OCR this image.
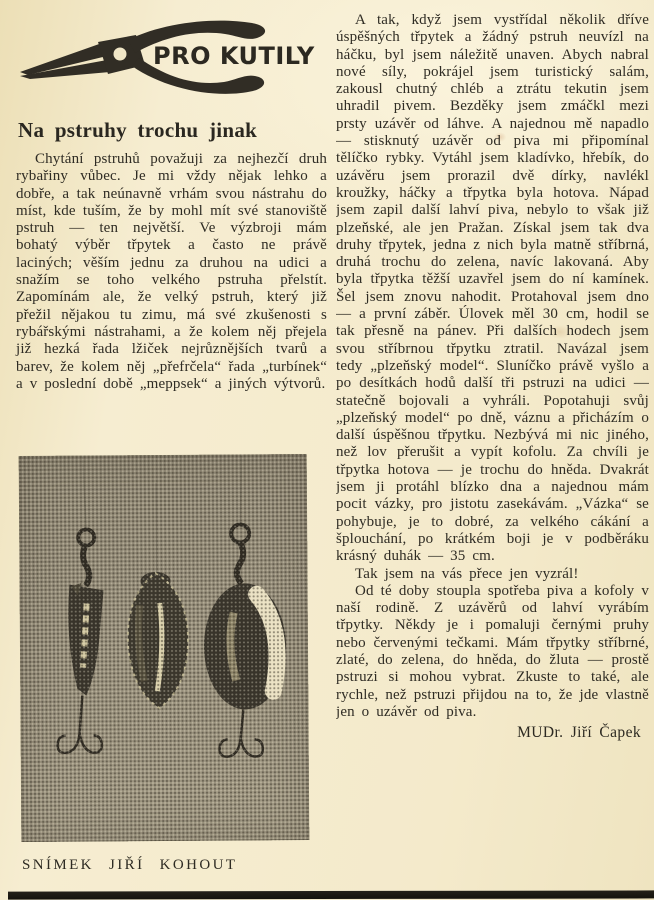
PRO KUTILY
Na pstruhy trochu jinak

Chytání pstruhů považuji za nejhezčí druh rybařiny vůbec. Je mi vždy nějak lehko a dobře, a tak neúnavně vrhám svou nástrahu do míst, kde tuším, že by mohl mít své stanoviště pstruh — ten největší. Ve výzbroji mám bohatý výběr třpytek a často ne právě laciných; věším jednu za druhou na udici a snažím se toho velkého pstruha přelstít. Zapomínám ale, že velký pstruh, který již přežil nějakou tu zimu, má své zkušenosti s rybářskými nástrahami, a že kolem něj přejela již hezká řada lžiček nejrůznějších tvarů a barev, že kolem něj „přefrčela“ řada „turbínek“ a v poslední době „meppsek“ a jiných výtvorů.

SNÍMEK JIŘÍ KOHOUT

A tak, když jsem vystřídal několik dříve úspěšných třpytek a žádný pstruh neuvízl na háčku, byl jsem náležitě unaven. Abych nabral nové síly, pokrájel jsem turistický salám, zakousl chutný chléb a ztrátu tekutin jsem uhradil pivem. Bezděky jsem zmáčkl mezi prsty uzávěr od láhve. A najednou mě napadlo — stisknutý uzávěr od piva mi připomínal tělíčko rybky. Vytáhl jsem kladívko, hřebík, do uzávěru jsem prorazil dvě dírky, navlékl kroužky, háčky a třpytka byla hotova. Nápad jsem zapil další lahví piva, nebylo to však již plzeňské, ale jen Pražan. Získal jsem tak dva druhy třpytek, jedna z nich byla matně stříbrná, druhá trochu do zelena, navíc lakovaná. Aby byla třpytka těžší uzavřel jsem do ní kamínek. Šel jsem znovu nahodit. Protahoval jsem dno — a první záběr. Úlovek měl 30 cm, hodil se tak přesně na pánev. Při dalších hodech jsem svou stříbrnou třpytku ztratil. Navázal jsem tedy „plzeňský model“. Sluníčko právě vyšlo a po desítkách hodů další tři pstruzi na udici — statečně bojovali a vyhráli. Popotahuji svůj „plzeňský model“ po dně, váznu a přicházím o další úspěšnou třpytku. Nezbývá mi nic jiného, než lov přerušit a vypít kofolu. Za chvíli je třpytka hotova — je trochu do hněda. Dvakrát jsem ji protáhl blízko dna a najednou mám pocit vázky, pro jistotu zasekávám. „Vázka“ se pohybuje, je to dobré, za velkého cákání a šplouchání, po krátkém boji je v podběráku krásný duhák — 35 cm.

Tak jsem na vás přece jen vyzrál!

Od té doby stoupla spotřeba piva a kofoly v naší rodině. Z uzávěrů od lahví vyrábím třpytky. Někdy je i pomaluji černými pruhy nebo červenými tečkami. Mám třpytky stříbrné, zlaté, do zelena, do hněda, do žluta — prostě pstruzi si mohou vybrat. Zkuste to také, ale rychle, než pstruzi přijdou na to, že jde vlastně jen o uzávěr od piva.

MUDr. Jiří Čapek
